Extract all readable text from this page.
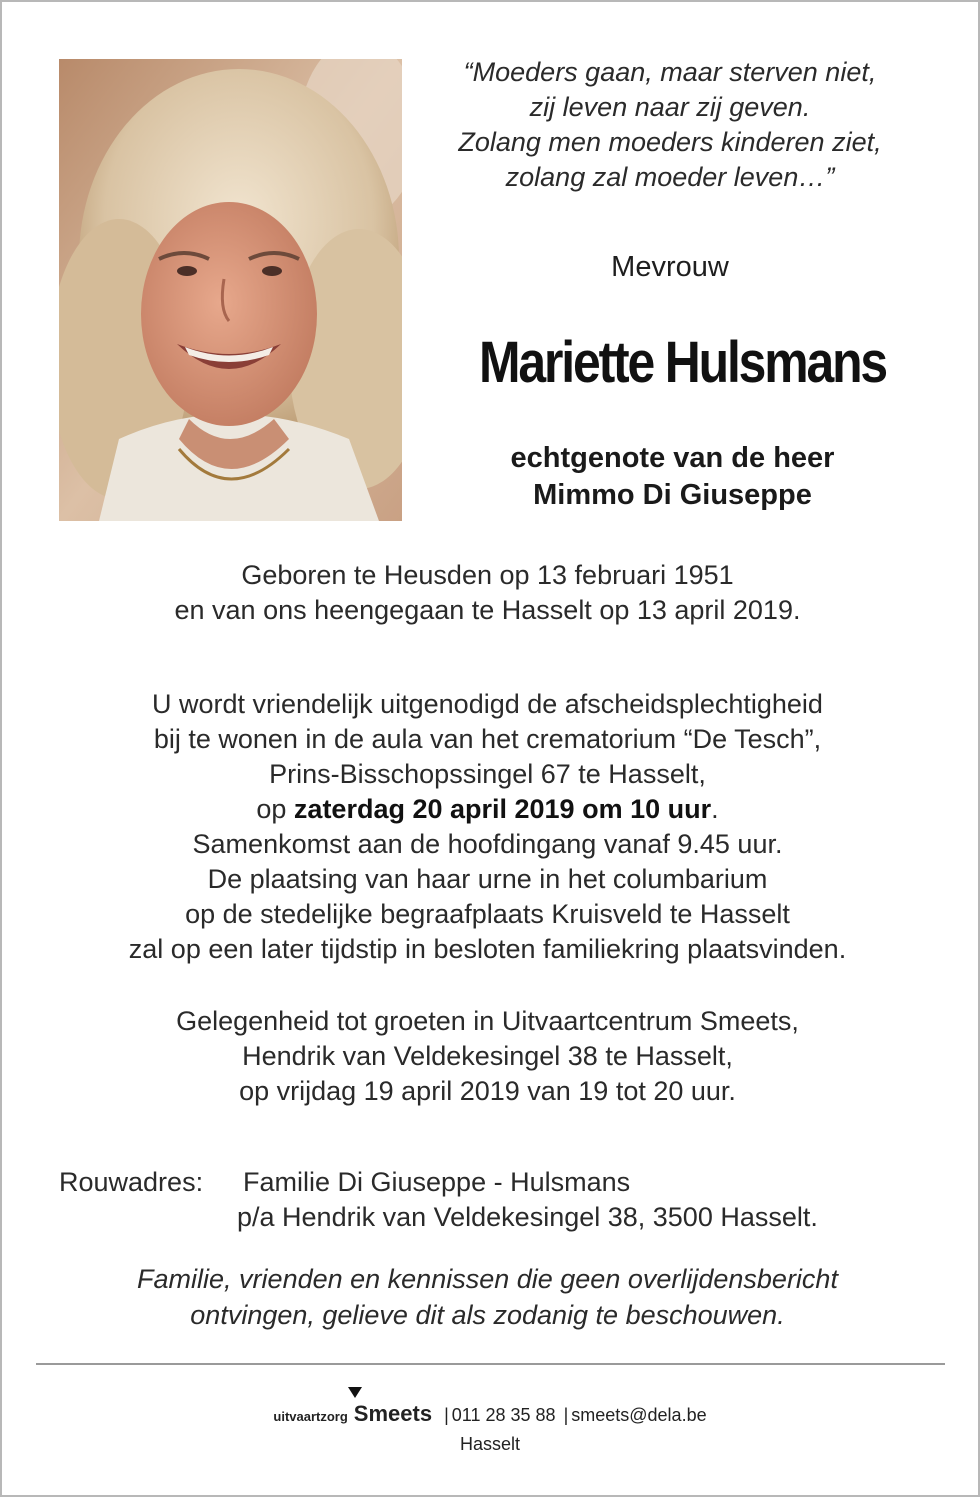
“Moeders gaan, maar sterven niet,
zij leven naar zij geven.
Zolang men moeders kinderen ziet,
zolang zal moeder leven…”
Mevrouw
Mariette Hulsmans
echtgenote van de heer
Mimmo Di Giuseppe
Geboren te Heusden op 13 februari 1951
en van ons heengegaan te Hasselt op 13 april 2019.
U wordt vriendelijk uitgenodigd de afscheidsplechtigheid
bij te wonen in de aula van het crematorium “De Tesch”,
Prins-Bisschopssingel 67 te Hasselt,
op zaterdag 20 april 2019 om 10 uur.
Samenkomst aan de hoofdingang vanaf 9.45 uur.
De plaatsing van haar urne in het columbarium
op de stedelijke begraafplaats Kruisveld te Hasselt
zal op een later tijdstip in besloten familiekring plaatsvinden.
Gelegenheid tot groeten in Uitvaartcentrum Smeets,
Hendrik van Veldekesingel 38 te Hasselt,
op vrijdag 19 april 2019 van 19 tot 20 uur.
Rouwadres: Familie Di Giuseppe - Hulsmans
p/a Hendrik van Veldekesingel 38, 3500 Hasselt.
Familie, vrienden en kennissen die geen overlijdensbericht
ontvingen, gelieve dit als zodanig te beschouwen.
uitvaartzorg Smeets | 011 28 35 88 | smeets@dela.be
Hasselt
